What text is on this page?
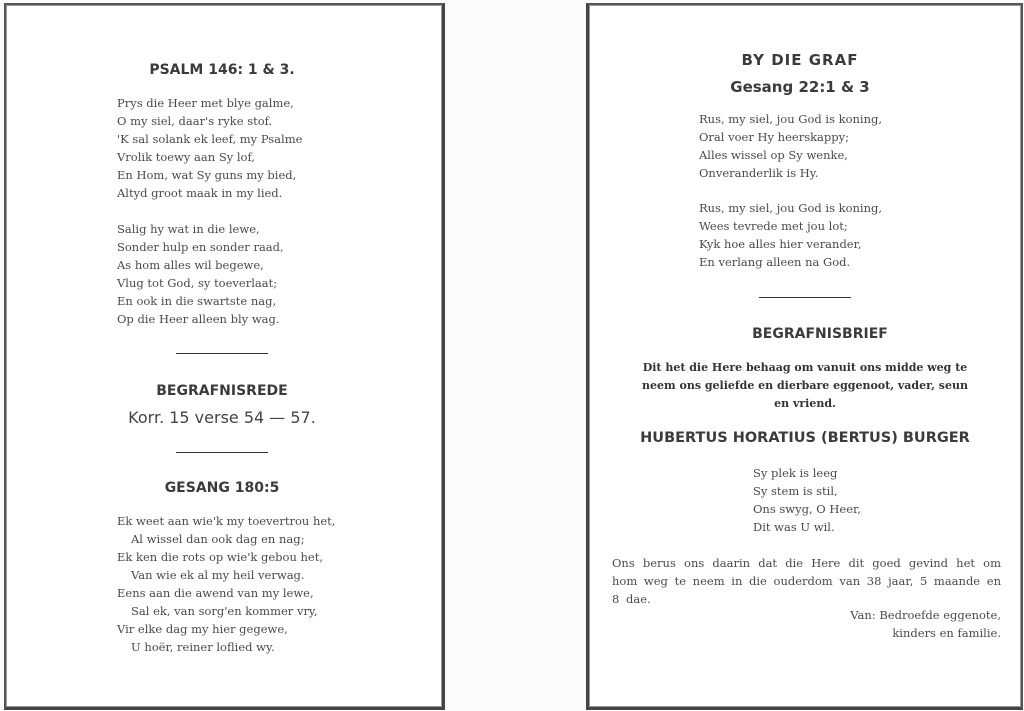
PSALM 146: 1 & 3.
Prys die Heer met blye galme,
O my siel, daar's ryke stof.
'K sal solank ek leef, my Psalme
Vrolik toewy aan Sy lof,
En Hom, wat Sy guns my bied,
Altyd groot maak in my lied.
Salig hy wat in die lewe,
Sonder hulp en sonder raad,
As hom alles wil begewe,
Vlug tot God, sy toeverlaat;
En ook in die swartste nag,
Op die Heer alleen bly wag.
BEGRAFNISREDE
Korr. 15 verse 54 — 57.
GESANG 180:5
Ek weet aan wie'k my toevertrou het,
Al wissel dan ook dag en nag;
Ek ken die rots op wie'k gebou het,
Van wie ek al my heil verwag.
Eens aan die awend van my lewe,
Sal ek, van sorg'en kommer vry,
Vir elke dag my hier gegewe,
U hoër, reiner loflied wy.
BY DIE GRAF
Gesang 22:1 & 3
Rus, my siel, jou God is koning,
Oral voer Hy heerskappy;
Alles wissel op Sy wenke,
Onveranderlik is Hy.
Rus, my siel, jou God is koning,
Wees tevrede met jou lot;
Kyk hoe alles hier verander,
En verlang alleen na God.
BEGRAFNISBRIEF
Dit het die Here behaag om vanuit ons midde weg te neem ons geliefde en dierbare eggenoot, vader, seun en vriend.
HUBERTUS HORATIUS (BERTUS) BURGER
Sy plek is leeg
Sy stem is stil,
Ons swyg, O Heer,
Dit was U wil.
Ons berus ons daarin dat die Here dit goed gevind het om hom weg te neem in die ouderdom van 38 jaar, 5 maande en 8 dae.
Van: Bedroefde eggenote,
kinders en familie.
